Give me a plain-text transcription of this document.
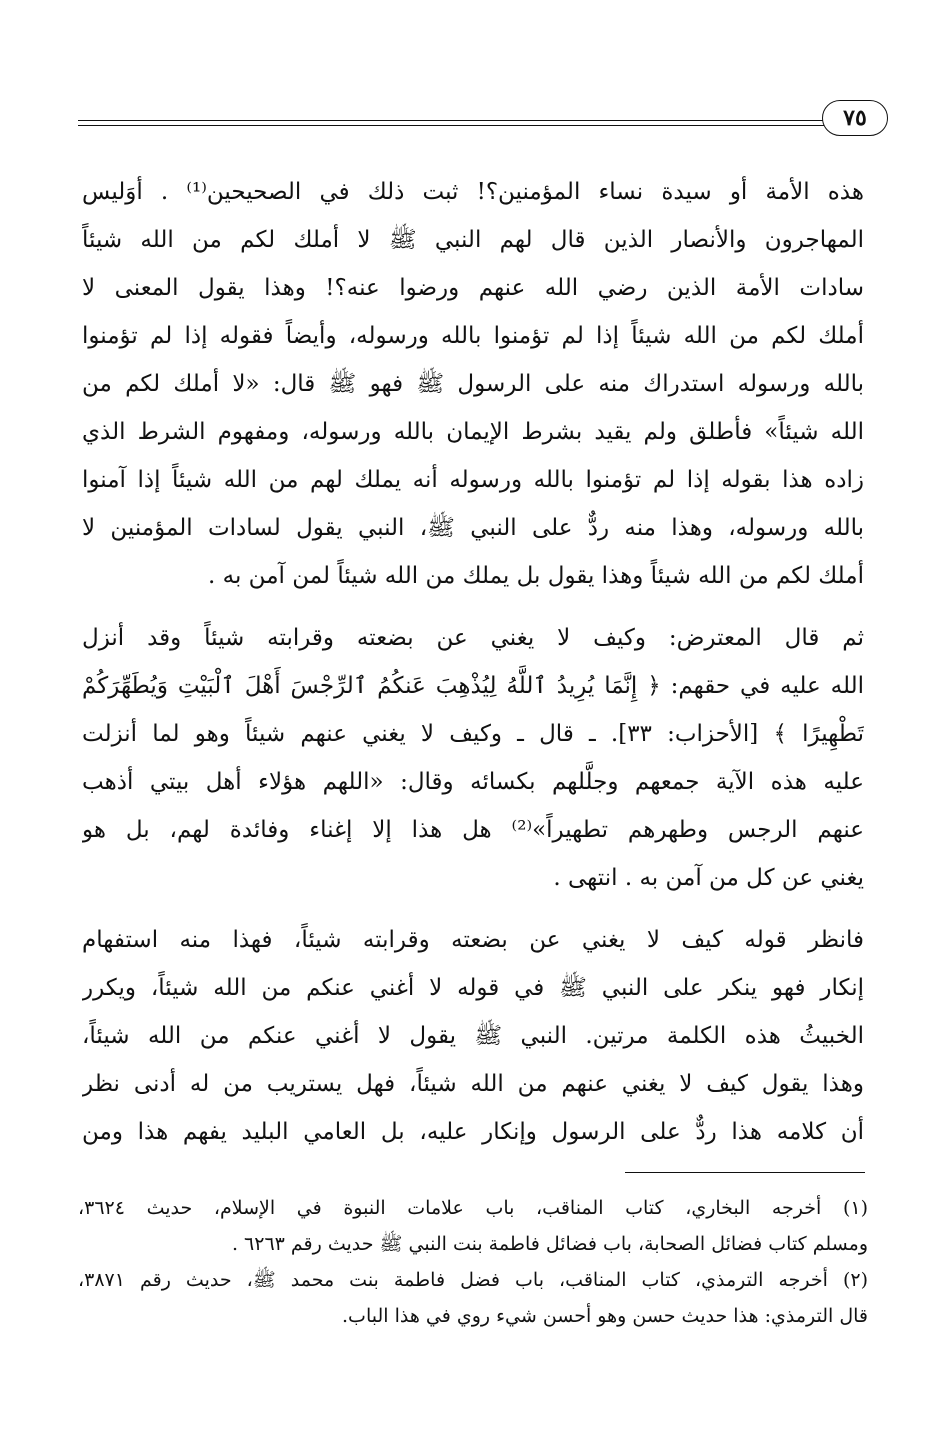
٧٥
هذه الأمة أو سيدة نساء المؤمنين؟! ثبت ذلك في الصحيحين⁽¹⁾ . أوَليس
المهاجرون والأنصار الذين قال لهم النبي ﷺ لا أملك لكم من الله شيئاً
سادات الأمة الذين رضي الله عنهم ورضوا عنه؟! وهذا يقول المعنى لا
أملك لكم من الله شيئاً إذا لم تؤمنوا بالله ورسوله، وأيضاً فقوله إذا لم تؤمنوا
بالله ورسوله استدراك منه على الرسول ﷺ فهو ﷺ قال: «لا أملك لكم من
الله شيئاً» فأطلق ولم يقيد بشرط الإيمان بالله ورسوله، ومفهوم الشرط الذي
زاده هذا بقوله إذا لم تؤمنوا بالله ورسوله أنه يملك لهم من الله شيئاً إذا آمنوا
بالله ورسوله، وهذا منه ردٌّ على النبي ﷺ، النبي يقول لسادات المؤمنين لا
أملك لكم من الله شيئاً وهذا يقول بل يملك من الله شيئاً لمن آمن به .
ثم قال المعترض: وكيف لا يغني عن بضعته وقرابته شيئاً وقد أنزل
الله عليه في حقهم: ﴿ إِنَّمَا يُرِيدُ ٱللَّهُ لِيُذْهِبَ عَنكُمُ ٱلرِّجْسَ أَهْلَ ٱلْبَيْتِ وَيُطَهِّرَكُمْ
تَطْهِيرًا ﴾ [الأحزاب: ٣٣]. ـ قال ـ وكيف لا يغني عنهم شيئاً وهو لما أنزلت
عليه هذه الآية جمعهم وجلَّلهم بكسائه وقال: «اللهم هؤلاء أهل بيتي أذهب
عنهم الرجس وطهرهم تطهيراً»⁽²⁾ هل هذا إلا إغناء وفائدة لهم، بل هو
يغني عن كل من آمن به . انتهى .
فانظر قوله كيف لا يغني عن بضعته وقرابته شيئاً، فهذا منه استفهام
إنكار فهو ينكر على النبي ﷺ في قوله لا أغني عنكم من الله شيئاً، ويكرر
الخبيثُ هذه الكلمة مرتين. النبي ﷺ يقول لا أغني عنكم من الله شيئاً،
وهذا يقول كيف لا يغني عنهم من الله شيئاً، فهل يستريب من له أدنى نظر
أن كلامه هذا ردٌّ على الرسول وإنكار عليه، بل العامي البليد يفهم هذا ومن
(١) أخرجه البخاري، كتاب المناقب، باب علامات النبوة في الإسلام، حديث ٣٦٢٤،
ومسلم كتاب فضائل الصحابة، باب فضائل فاطمة بنت النبي ﷺ حديث رقم ٦٢٦٣ .
(٢) أخرجه الترمذي، كتاب المناقب، باب فضل فاطمة بنت محمد ﷺ، حديث رقم ٣٨٧١،
قال الترمذي: هذا حديث حسن وهو أحسن شيء روي في هذا الباب.
